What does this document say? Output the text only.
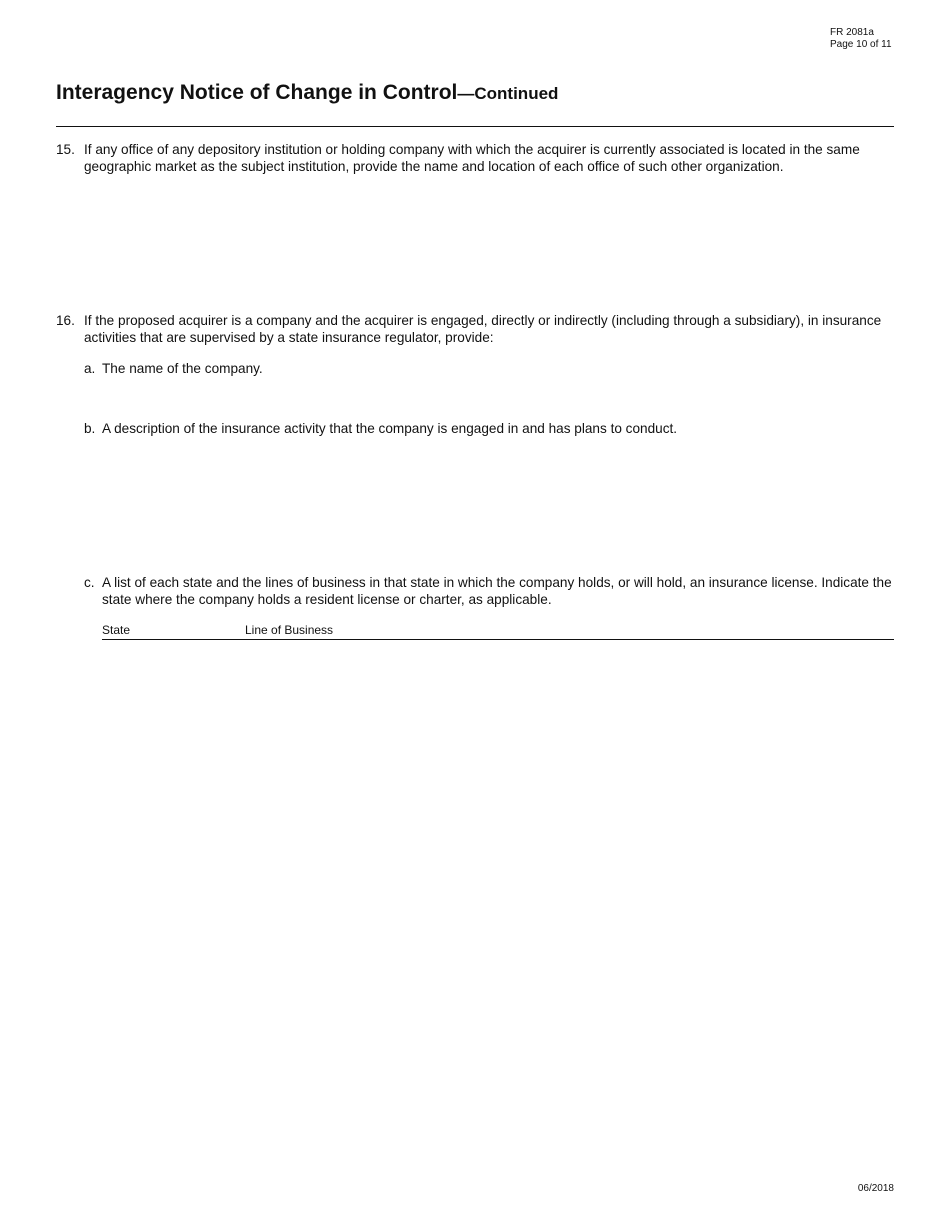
FR 2081a
Page 10 of 11
Interagency Notice of Change in Control—Continued
15. If any office of any depository institution or holding company with which the acquirer is currently associated is located in the same geographic market as the subject institution, provide the name and location of each office of such other organization.
16. If the proposed acquirer is a company and the acquirer is engaged, directly or indirectly (including through a subsidiary), in insurance activities that are supervised by a state insurance regulator, provide:
a. The name of the company.
b. A description of the insurance activity that the company is engaged in and has plans to conduct.
c. A list of each state and the lines of business in that state in which the company holds, or will hold, an insurance license. Indicate the state where the company holds a resident license or charter, as applicable.
State	Line of Business
06/2018
